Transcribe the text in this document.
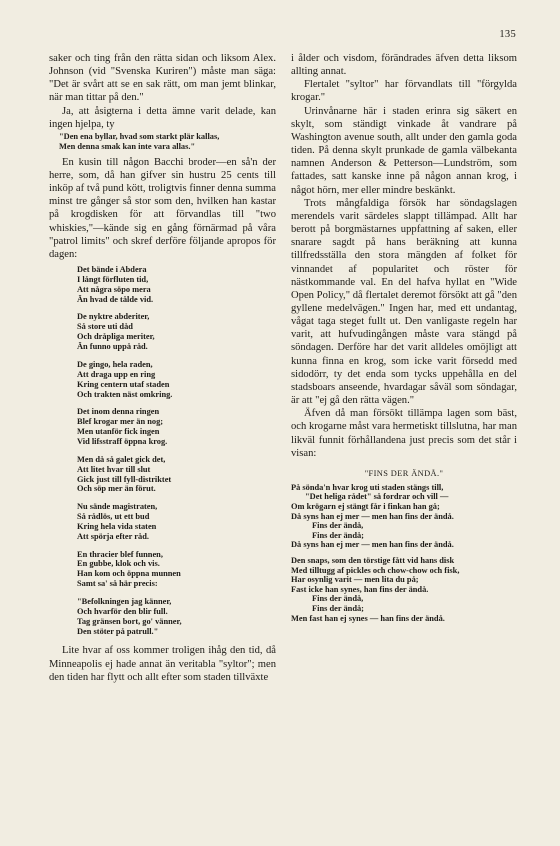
135

saker och ting från den rätta sidan och liksom Alex. Johnson (vid "Svenska Kuriren") måste man säga: "Det är svårt att se en sak rätt, om man jemt blinkar, när man tittar på den."

Ja, att åsigterna i detta ämne varit delade, kan ingen hjelpa, ty

"Den ena byllar, hvad som starkt plär kallas,
Men denna smak kan inte vara allas."

En kusin till någon Bacchi broder—en så'n der herre, som, då han gifver sin hustru 25 cents till inköp af två pund kött, troligtvis finner denna summa minst tre gånger så stor som den, hvilken han kastar på krogdisken för att förvandlas till "two whiskies,"—kände sig en gång förnärmad på våra "patrol limits" och skref derföre följande apropos för dagen:

Det bände i Abdera
I långt förfluten tid,
Att några söpo mera
Än hvad de tålde vid.
De nyktre abderiter,
Så store uti dåd
Och dråpliga meriter,
Än funno uppå råd.
De gingo, hela raden,
Att draga upp en ring
Kring centern utaf staden
Och trakten näst omkring.
Det inom denna ringen
Blef krogar mer än nog;
Men utanför fick ingen
Vid lifsstraff öppna krog.
Men då så galet gick det,
Att litet hvar till slut
Gick just till fyll-distriktet
Och söp mer än förut.
Nu sände magistraten,
Så rådlös, ut ett bud
Kring hela vida staten
Att spörja efter råd.
En thracier blef funnen,
En gubbe, klok och vis.
Han kom och öppna munnen
Samt sa' så här precis:
"Befolkningen jag känner,
Och hvarför den blir full.
Tag gränsen bort, go' vänner,
Den stöter på patrull."

Lite hvar af oss kommer troligen ihåg den tid, då Minneapolis ej hade annat än veritabla "syltor"; men den tiden har flytt och allt efter som staden tillväxte

i ålder och visdom, förändrades äfven detta liksom allting annat.

Flertalet "syltor" har förvandlats till "förgylda krogar."

Urinvånarne här i staden erinra sig säkert en skylt, som ständigt vinkade åt vandrare på Washington avenue south, allt under den gamla goda tiden. På denna skylt prunkade de gamla välbekanta namnen Anderson & Petterson—Lundström, som fattades, satt kanske inne på någon annan krog, i något hörn, mer eller mindre beskänkt.

Trots mångfaldiga försök har söndagslagen merendels varit särdeles slappt tillämpad. Allt har berott på borgmästarnes uppfattning af saken, eller snarare sagdt på hans beräkning att kunna tillfredsställa den stora mängden af folket för vinnandet af popularitet och röster för nästkommande val. En del hafva hyllat en "Wide Open Policy," då flertalet deremot försökt att gå "den gyllene medelvägen." Ingen har, med ett undantag, vågat taga steget fullt ut. Den vanligaste regeln har varit, att hufvudingången måste vara stängd på söndagen. Derföre har det varit alldeles omöjligt att kunna finna en krog, som icke varit försedd med sidodörr, ty det enda som tycks uppehålla en del stadsboars anseende, hvardagar såväl som söndagar, är att "ej gå den rätta vägen."

Äfven då man försökt tillämpa lagen som bäst, och krogarne måst vara hermetiskt tillslutna, har man likväl funnit förhållandena just precis som det står i visan:

"FINS DER ÄNDÅ."
På sönda'n hvar krog uti staden stängs till,
"Det heliga rådet" så fordrar och vill —
Om krögarn ej stängt får i finkan han gå;
Då syns han ej mer — men han fins der ändå.
Fins der ändå,
Fins der ändå;
Då syns han ej mer — men han fins der ändå.
Den snaps, som den törstige fått vid hans disk
Med tilltugg af pickles och chow-chow och fisk,
Har osynlig varit — men lita du på;
Fast icke han synes, han fins der ändå.
Fins der ändå,
Fins der ändå;
Men fast han ej synes — han fins der ändå.
